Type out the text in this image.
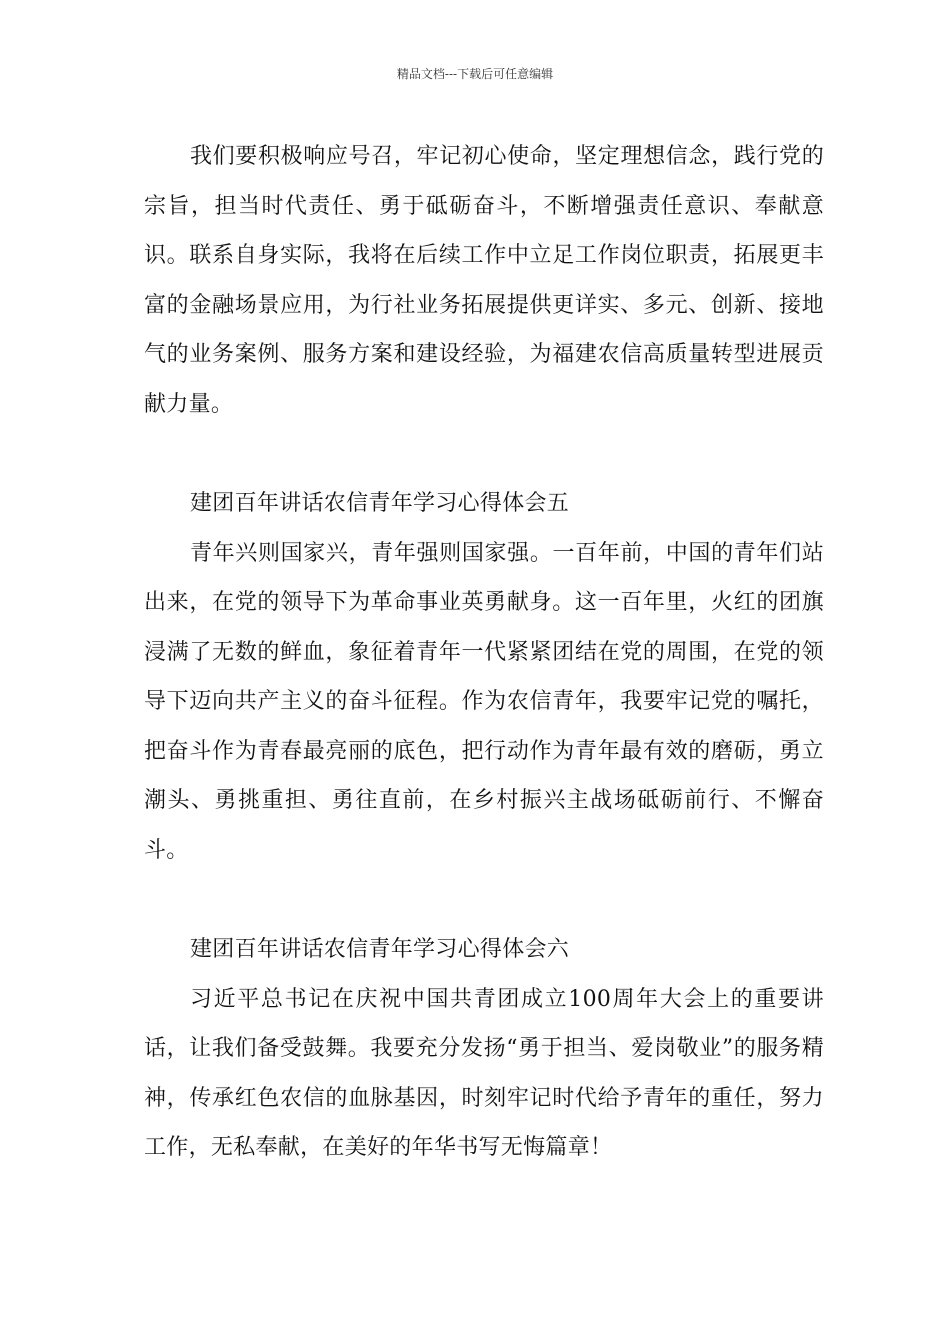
精品文档---下载后可任意编辑

我们要积极响应号召，牢记初心使命，坚定理想信念，践行党的宗旨，担当时代责任、勇于砥砺奋斗，不断增强责任意识、奉献意识。联系自身实际，我将在后续工作中立足工作岗位职责，拓展更丰富的金融场景应用，为行社业务拓展提供更详实、多元、创新、接地气的业务案例、服务方案和建设经验，为福建农信高质量转型进展贡献力量。

建团百年讲话农信青年学习心得体会五

青年兴则国家兴，青年强则国家强。一百年前，中国的青年们站出来，在党的领导下为革命事业英勇献身。这一百年里，火红的团旗浸满了无数的鲜血，象征着青年一代紧紧团结在党的周围，在党的领导下迈向共产主义的奋斗征程。作为农信青年，我要牢记党的嘱托，把奋斗作为青春最亮丽的底色，把行动作为青年最有效的磨砺，勇立潮头、勇挑重担、勇往直前，在乡村振兴主战场砥砺前行、不懈奋斗。

建团百年讲话农信青年学习心得体会六

习近平总书记在庆祝中国共青团成立100周年大会上的重要讲话，让我们备受鼓舞。我要充分发扬“勇于担当、爱岗敬业”的服务精神，传承红色农信的血脉基因，时刻牢记时代给予青年的重任，努力工作，无私奉献，在美好的年华书写无悔篇章！
